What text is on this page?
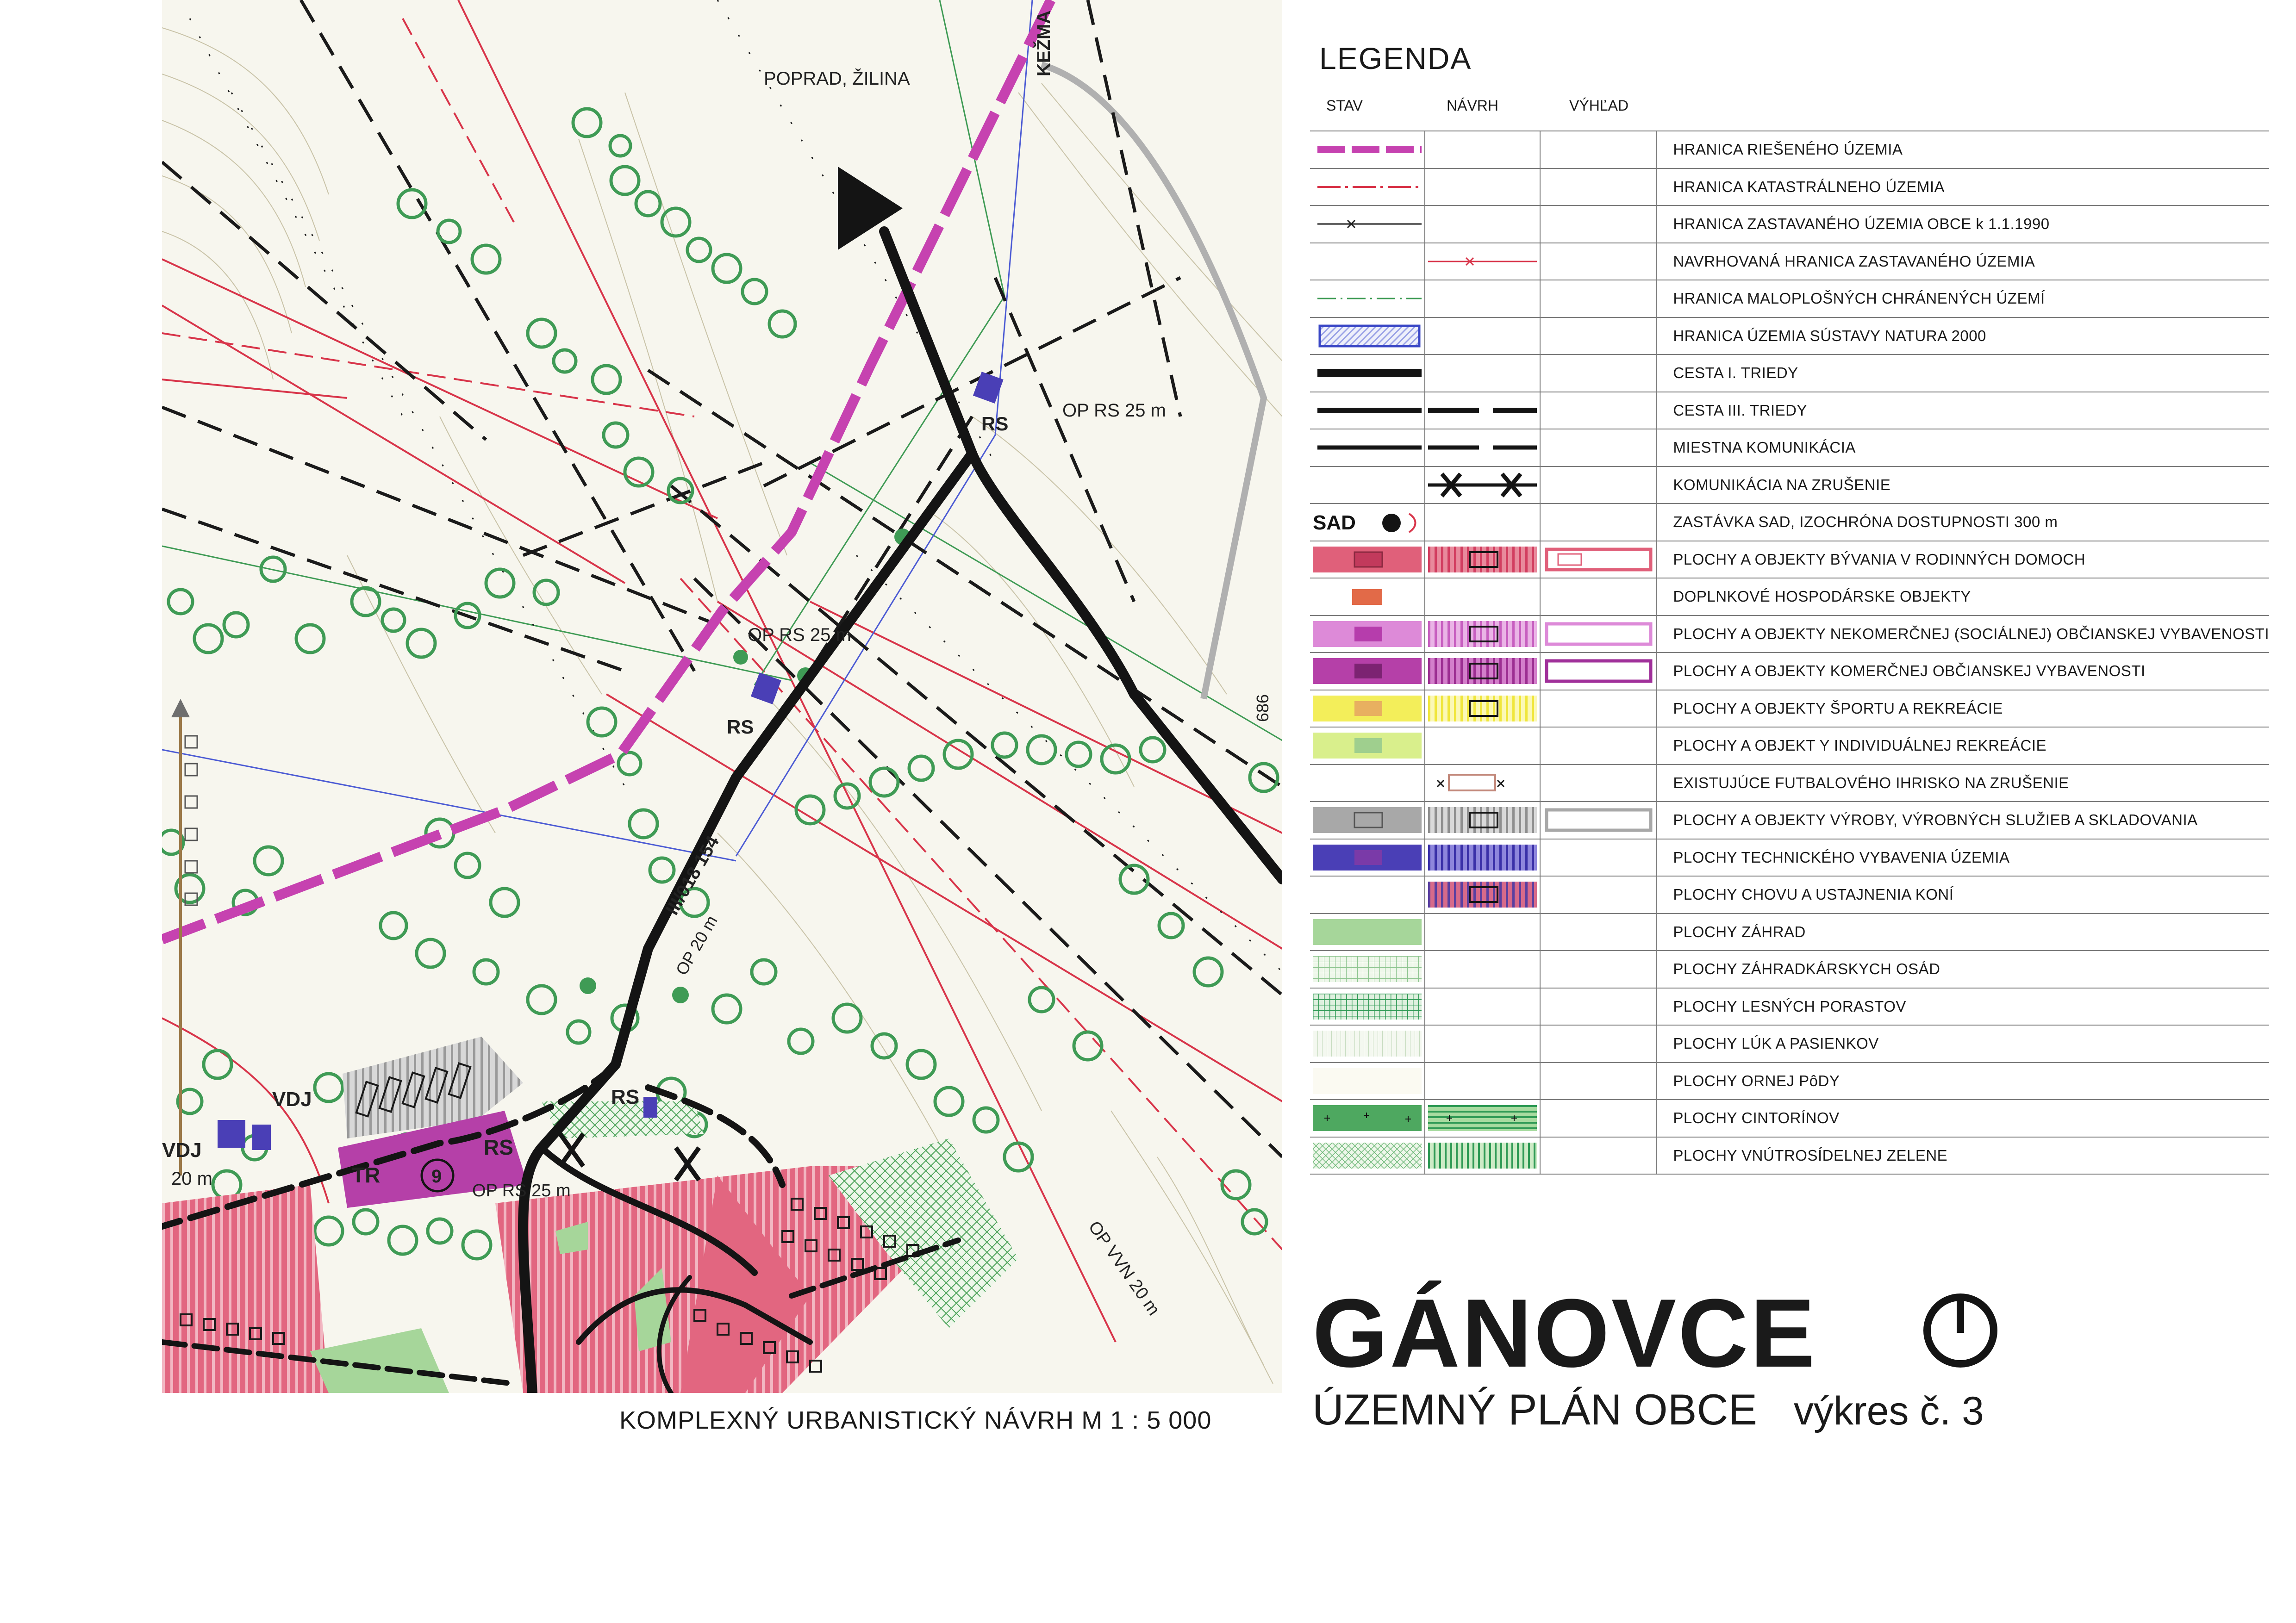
POPRAD, ŽILINA
KEŽMA
OP RS 25 m
RS
OP RS 25 m
RS
III/018 154
OP 20 m
VDJ
VDJ
20 m	TR	9
RS
RS
OP RS 25 m
OP VVN 20 m
686
KOMPLEXNÝ URBANISTICKÝ NÁVRH M 1 : 5 000
LEGENDA
STAV	NÁVRH	VÝHĽAD
			HRANICA RIEŠENÉHO ÚZEMIA

			HRANICA KATASTRÁLNEHO ÚZEMIA

			HRANICA ZASTAVANÉHO ÚZEMIA OBCE k 1.1.1990

		NAVRHOVANÁ HRANICA ZASTAVANÉHO ÚZEMIA

			HRANICA MALOPLOŠNÝCH CHRÁNENÝCH ÚZEMÍ

			HRANICA ÚZEMIA SÚSTAVY NATURA 2000

			CESTA I. TRIEDY

		CESTA III. TRIEDY

		MIESTNA KOMUNIKÁCIA

		KOMUNIKÁCIA NA ZRUŠENIE

SAD			ZASTÁVKA SAD, IZOCHRÓNA DOSTUPNOSTI 300 m

	PLOCHY A OBJEKTY BÝVANIA V RODINNÝCH DOMOCH

			DOPLNKOVÉ HOSPODÁRSKE OBJEKTY

	PLOCHY A OBJEKTY NEKOMERČNEJ (SOCIÁLNEJ) OBČIANSKEJ VYBAVENOSTI

	PLOCHY A OBJEKTY KOMERČNEJ OBČIANSKEJ VYBAVENOSTI

		PLOCHY A OBJEKTY ŠPORTU A REKREÁCIE

			PLOCHY A OBJEKT Y INDIVIDUÁLNEJ REKREÁCIE

		EXISTUJÚCE FUTBALOVÉHO IHRISKO NA ZRUŠENIE

	PLOCHY A OBJEKTY VÝROBY, VÝROBNÝCH SLUŽIEB A SKLADOVANIA

		PLOCHY TECHNICKÉHO VYBAVENIA ÚZEMIA

		PLOCHY CHOVU A USTAJNENIA KONÍ

			PLOCHY ZÁHRAD

			PLOCHY ZÁHRADKÁRSKYCH OSÁD

			PLOCHY LESNÝCH PORASTOV

			PLOCHY LÚK A PASIENKOV

			PLOCHY ORNEJ PôDY

		PLOCHY CINTORÍNOV

		PLOCHY VNÚTROSÍDELNEJ ZELENE
GÁNOVCE
ÚZEMNÝ PLÁN OBCE výkres č. 3
